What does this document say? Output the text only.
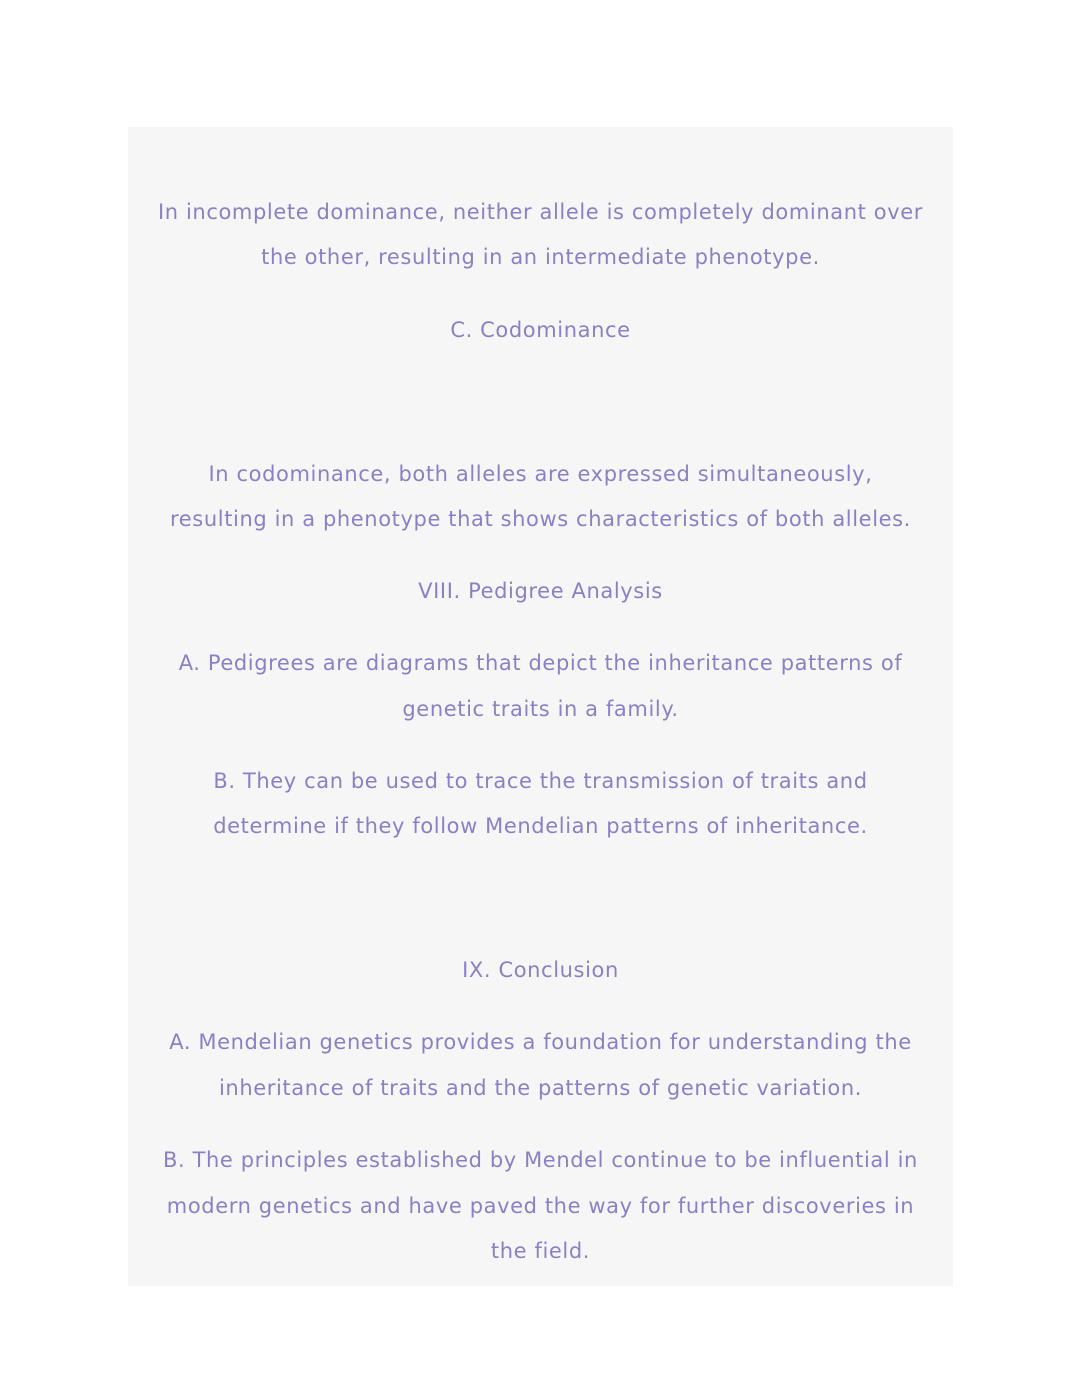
In incomplete dominance, neither allele is completely dominant over
the other, resulting in an intermediate phenotype.
C. Codominance
In codominance, both alleles are expressed simultaneously,
resulting in a phenotype that shows characteristics of both alleles.
VIII. Pedigree Analysis
A. Pedigrees are diagrams that depict the inheritance patterns of
genetic traits in a family.
B. They can be used to trace the transmission of traits and
determine if they follow Mendelian patterns of inheritance.
IX. Conclusion
A. Mendelian genetics provides a foundation for understanding the
inheritance of traits and the patterns of genetic variation.
B. The principles established by Mendel continue to be influential in
modern genetics and have paved the way for further discoveries in
the field.
